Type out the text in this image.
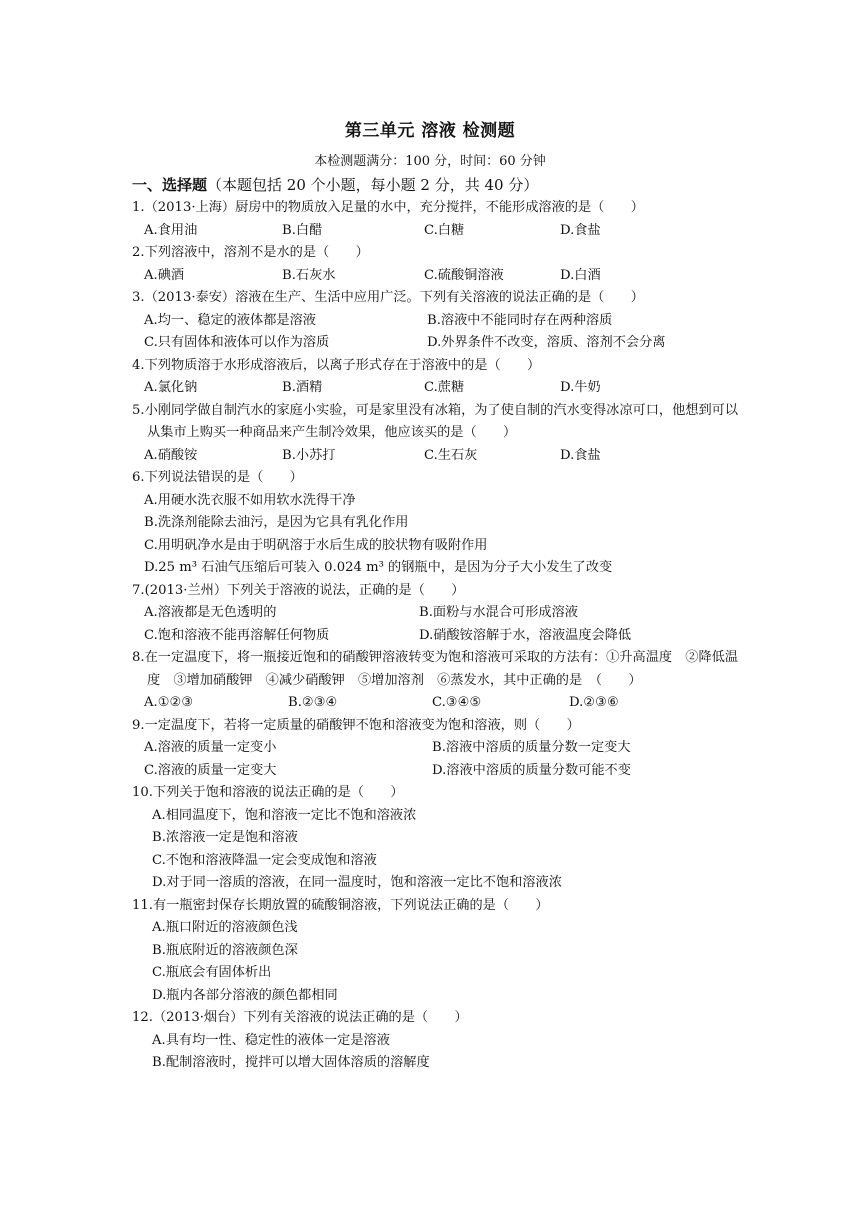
第三单元 溶液 检测题
本检测题满分：100 分，时间：60 分钟
一、选择题（本题包括 20 个小题，每小题 2 分，共 40 分）
1.（2013·上海）厨房中的物质放入足量的水中，充分搅拌，不能形成溶液的是（　　）
A.食用油	B.白醋	C.白糖	D.食盐
2.下列溶液中，溶剂不是水的是（　　）
A.碘酒	B.石灰水	C.硫酸铜溶液	D.白酒
3.（2013·泰安）溶液在生产、生活中应用广泛。下列有关溶液的说法正确的是（　　）
A.均一、稳定的液体都是溶液	B.溶液中不能同时存在两种溶质
C.只有固体和液体可以作为溶质	D.外界条件不改变，溶质、溶剂不会分离
4.下列物质溶于水形成溶液后，以离子形式存在于溶液中的是（　　）
A.氯化钠	B.酒精	C.蔗糖	D.牛奶
5.小刚同学做自制汽水的家庭小实验，可是家里没有冰箱，为了使自制的汽水变得冰凉可口，他想到可以从集市上购买一种商品来产生制冷效果，他应该买的是（　　）
A.硝酸铵	B.小苏打	C.生石灰	D.食盐
6.下列说法错误的是（　　）
A.用硬水洗衣服不如用软水洗得干净
B.洗涤剂能除去油污，是因为它具有乳化作用
C.用明矾净水是由于明矾溶于水后生成的胶状物有吸附作用
D.25 m³ 石油气压缩后可装入 0.024 m³ 的钢瓶中，是因为分子大小发生了改变
7.(2013·兰州）下列关于溶液的说法，正确的是（　　）
A.溶液都是无色透明的	B.面粉与水混合可形成溶液
C.饱和溶液不能再溶解任何物质	D.硝酸铵溶解于水，溶液温度会降低
8.在一定温度下，将一瓶接近饱和的硝酸钾溶液转变为饱和溶液可采取的方法有：①升高温度　②降低温度　③增加硝酸钾　④减少硝酸钾　⑤增加溶剂　⑥蒸发水，其中正确的是　（　　）
A.①②③	B.②③④	C.③④⑤	D.②③⑥
9.一定温度下，若将一定质量的硝酸钾不饱和溶液变为饱和溶液，则（　　）
A.溶液的质量一定变小	B.溶液中溶质的质量分数一定变大
C.溶液的质量一定变大	D.溶液中溶质的质量分数可能不变
10.下列关于饱和溶液的说法正确的是（　　）
A.相同温度下，饱和溶液一定比不饱和溶液浓
B.浓溶液一定是饱和溶液
C.不饱和溶液降温一定会变成饱和溶液
D.对于同一溶质的溶液，在同一温度时，饱和溶液一定比不饱和溶液浓
11.有一瓶密封保存长期放置的硫酸铜溶液，下列说法正确的是（　　）
A.瓶口附近的溶液颜色浅
B.瓶底附近的溶液颜色深
C.瓶底会有固体析出
D.瓶内各部分溶液的颜色都相同
12.（2013·烟台）下列有关溶液的说法正确的是（　　）
A.具有均一性、稳定性的液体一定是溶液
B.配制溶液时，搅拌可以增大固体溶质的溶解度
